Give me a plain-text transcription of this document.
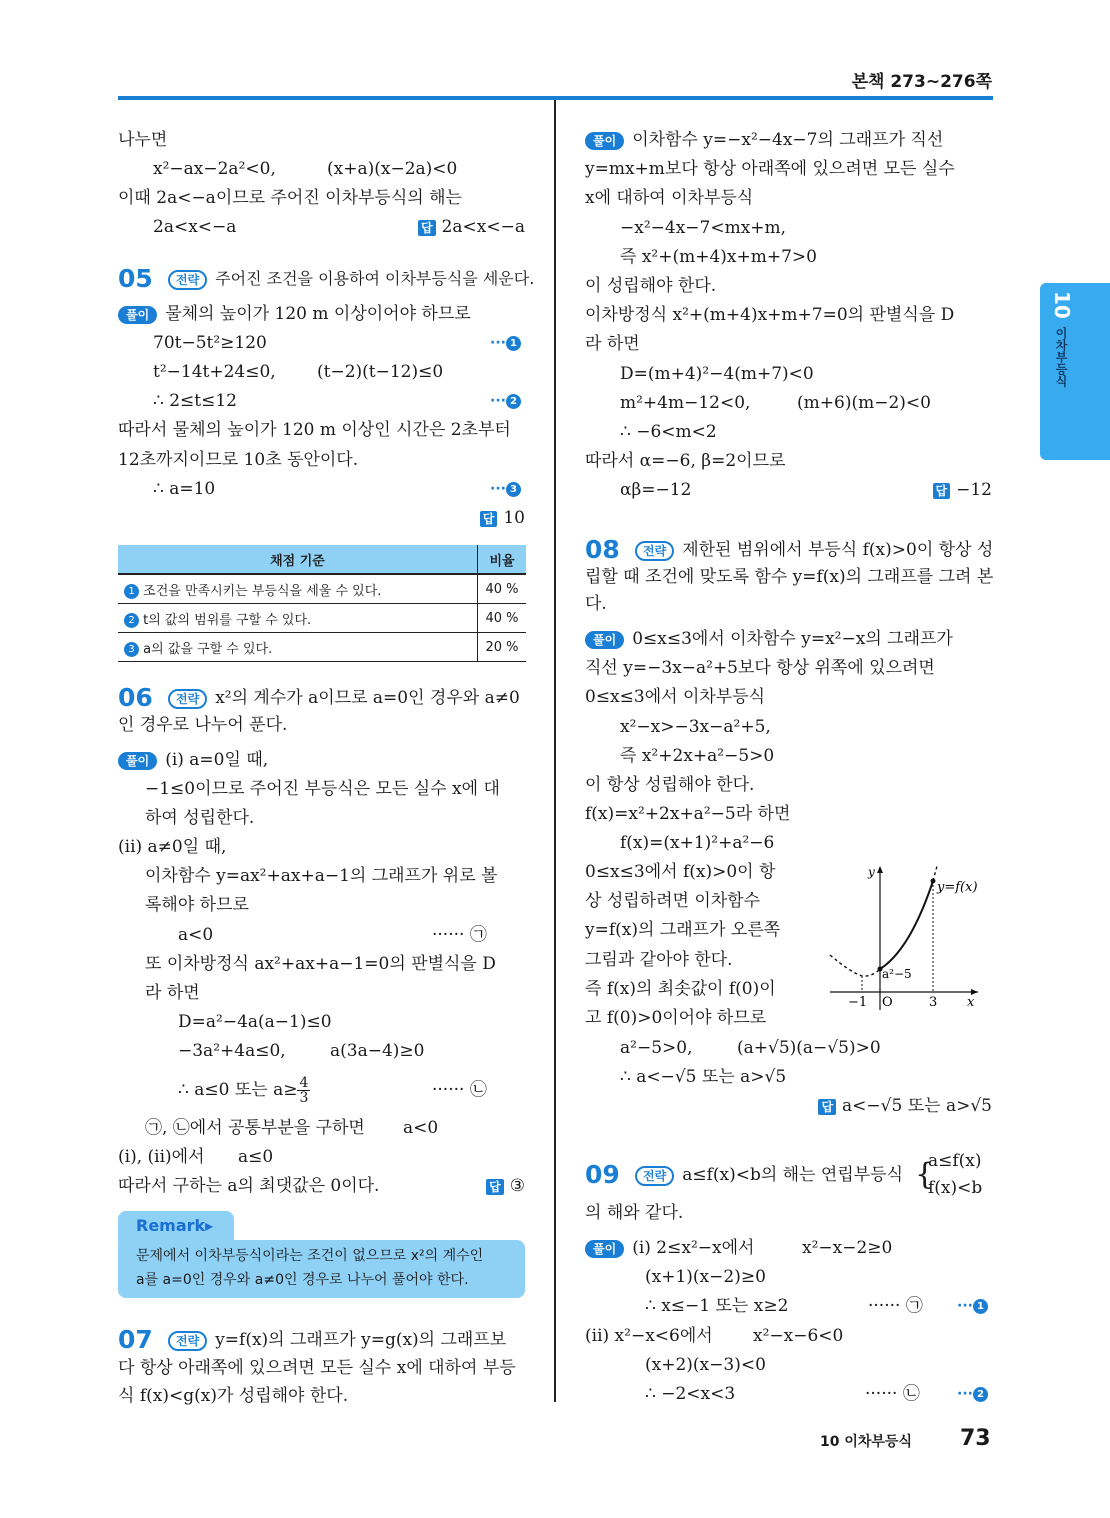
본책 273~276쪽
10
이차부등식
나누면
x²−ax−2a²<0,	(x+a)(x−2a)<0
이때 2a<−a이므로 주어진 이차부등식의 해는
2a<x<−a	답 2a<x<−a
05	전략 주어진 조건을 이용하여 이차부등식을 세운다.
풀이 물체의 높이가 120 m 이상이어야 하므로
70t−5t²≥120	··· 1
t²−14t+24≤0, (t−2)(t−12)≤0
∴ 2≤t≤12	··· 2
따라서 물체의 높이가 120 m 이상인 시간은 2초부터
12초까지이므로 10초 동안이다.
∴ a=10	··· 3
답 10
채점 기준	비율
1 조건을 만족시키는 부등식을 세울 수 있다.	40 %
2 t의 값의 범위를 구할 수 있다.	40 %
3 a의 값을 구할 수 있다.	20 %
06	전략 x²의 계수가 a이므로 a=0인 경우와 a≠0
인 경우로 나누어 푼다.
풀이 (i) a=0일 때,
−1≤0이므로 주어진 부등식은 모든 실수 x에 대
하여 성립한다.
(ii) a≠0일 때,
이차함수 y=ax²+ax+a−1의 그래프가 위로 볼
록해야 하므로
a<0	······ ㉠
또 이차방정식 ax²+ax+a−1=0의 판별식을 D
라 하면
D=a²−4a(a−1)≤0
−3a²+4a≤0,	a(3a−4)≥0
∴ a≤0 또는 $a\ge \frac{4}{3}$	······ ㉡
㉠, ㉡에서 공통부분을 구하면 a<0
(i), (ii)에서 a≤0
따라서 구하는 a의 최댓값은 0이다.	답 ③
Remark▸
문제에서 이차부등식이라는 조건이 없으므로 x²의 계수인
a를 a=0인 경우와 a≠0인 경우로 나누어 풀어야 한다.
07	전략 y=f(x)의 그래프가 y=g(x)의 그래프보
다 항상 아래쪽에 있으려면 모든 실수 x에 대하여 부등
식 f(x)<g(x)가 성립해야 한다.
풀이 이차함수 y=−x²−4x−7의 그래프가 직선
y=mx+m보다 항상 아래쪽에 있으려면 모든 실수
x에 대하여 이차부등식
−x²−4x−7<mx+m,
즉 x²+(m+4)x+m+7>0
이 성립해야 한다.
이차방정식 x²+(m+4)x+m+7=0의 판별식을 D
라 하면
D=(m+4)²−4(m+7)<0
m²+4m−12<0,	(m+6)(m−2)<0
∴ −6<m<2
따라서 α=−6, β=2이므로
αβ=−12	답 −12
08	전략 제한된 범위에서 부등식 f(x)>0이 항상 성
립할 때 조건에 맞도록 함수 y=f(x)의 그래프를 그려 본
다.
풀이 0≤x≤3에서 이차함수 y=x²−x의 그래프가
직선 y=−3x−a²+5보다 항상 위쪽에 있으려면
0≤x≤3에서 이차부등식
x²−x>−3x−a²+5,
즉 x²+2x+a²−5>0
이 항상 성립해야 한다.
f(x)=x²+2x+a²−5라 하면
f(x)=(x+1)²+a²−6
0≤x≤3에서 f(x)>0이 항
상 성립하려면 이차함수
y=f(x)의 그래프가 오른쪽
그림과 같아야 한다.
즉 f(x)의 최솟값이 f(0)이
고 f(0)>0이어야 하므로
a²−5>0,	(a+√5)(a−√5)>0
∴ a<−√5 또는 a>√5
답 a<−√5 또는 a>√5
y
y=f(x)
a²−5
−1 O	3 x
09	전략 a≤f(x)<b의 해는 연립부등식 {
a≤f(x)
f(x)<b
의 해와 같다.
풀이 (i) 2≤x²−x에서	x²−x−2≥0
(x+1)(x−2)≥0
∴ x≤−1 또는 x≥2	······ ㉠ ··· 1
(ii) x²−x<6에서 x²−x−6<0
(x+2)(x−3)<0
∴ −2<x<3	······ ㉡	··· 2
10 이차부등식 73
